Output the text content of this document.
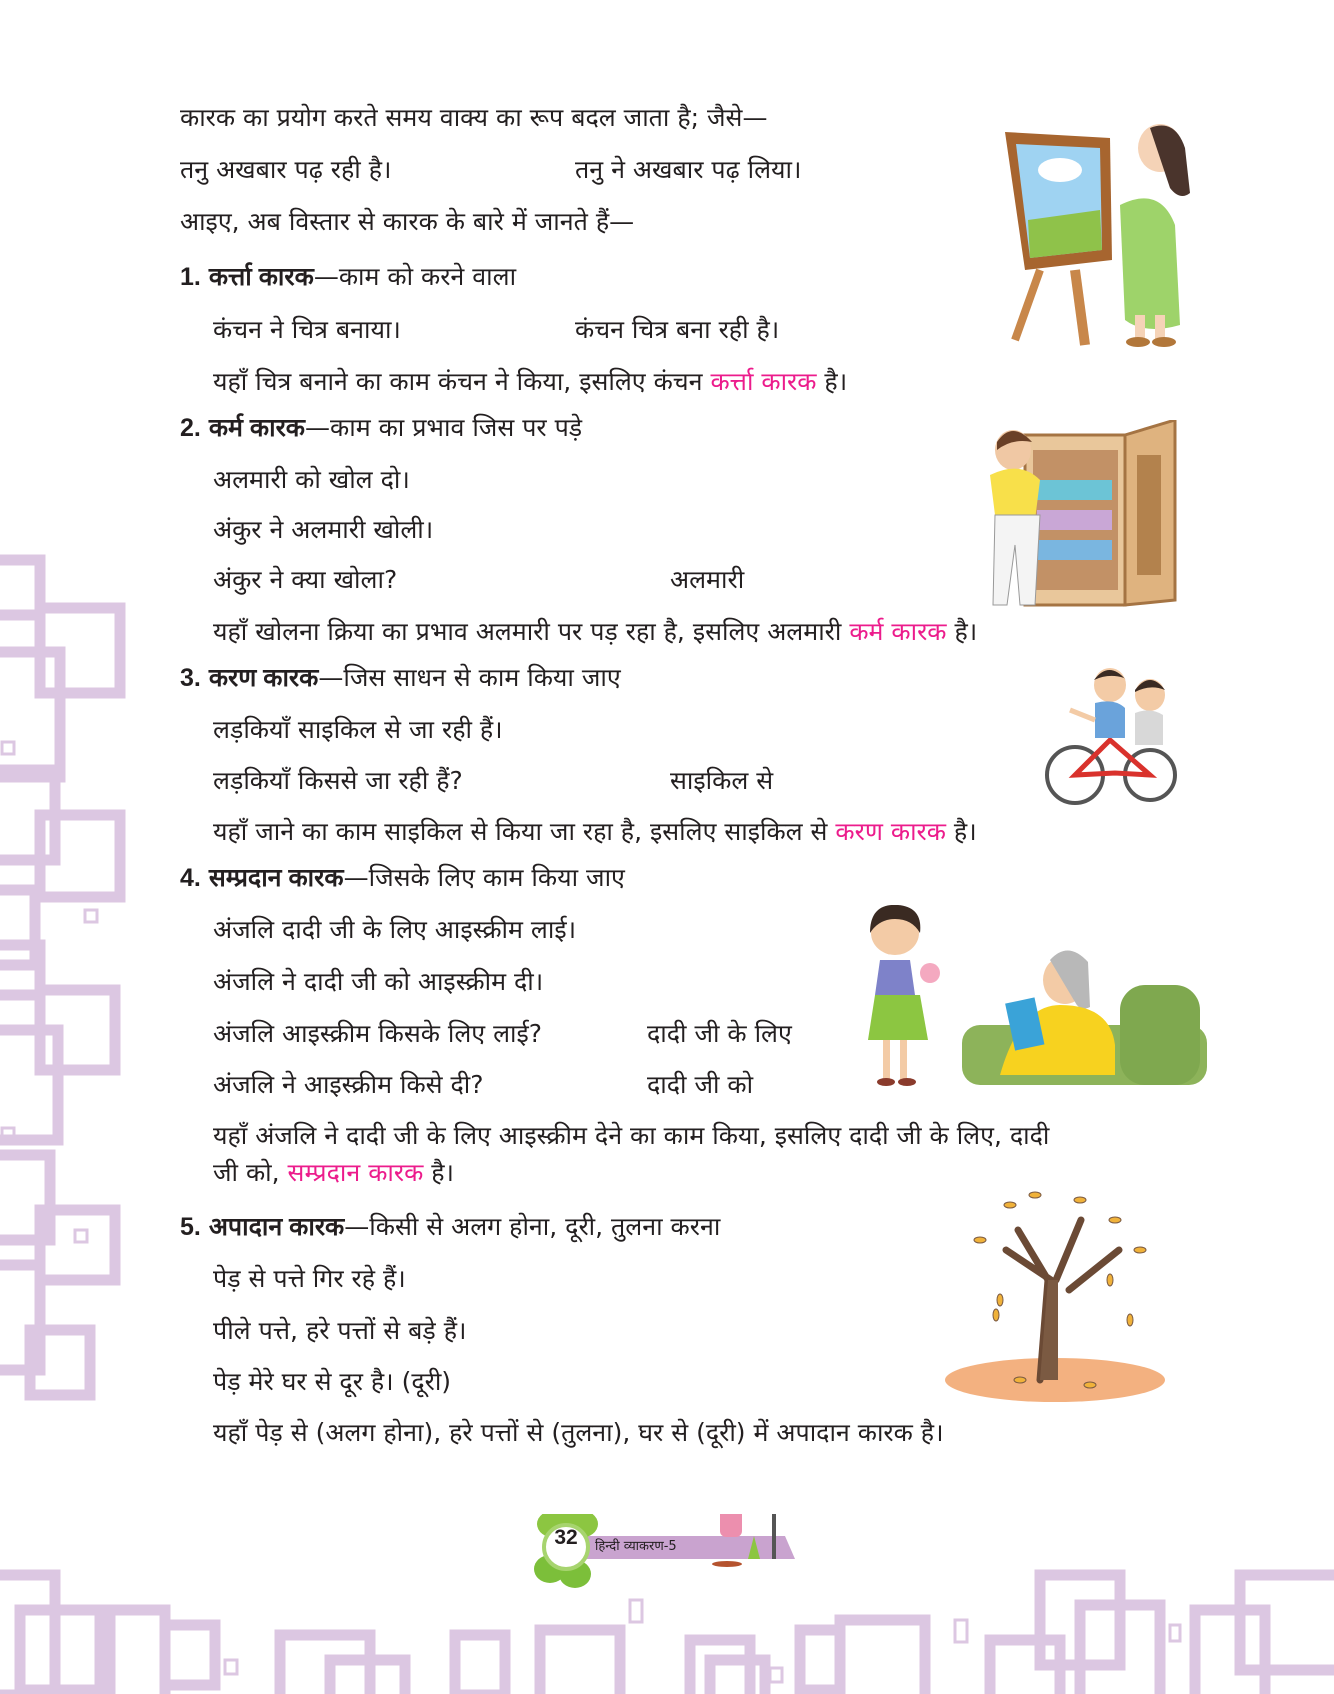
कारक का प्रयोग करते समय वाक्य का रूप बदल जाता है; जैसे—
तनु अखबार पढ़ रही है।	तनु ने अखबार पढ़ लिया।
आइए, अब विस्तार से कारक के बारे में जानते हैं—
1. कर्त्ता कारक—काम को करने वाला
कंचन ने चित्र बनाया।	कंचन चित्र बना रही है।
यहाँ चित्र बनाने का काम कंचन ने किया, इसलिए कंचन कर्त्ता कारक है।
2. कर्म कारक—काम का प्रभाव जिस पर पड़े
अलमारी को खोल दो।
अंकुर ने अलमारी खोली।
अंकुर ने क्या खोला?	अलमारी
यहाँ खोलना क्रिया का प्रभाव अलमारी पर पड़ रहा है, इसलिए अलमारी कर्म कारक है।
3. करण कारक—जिस साधन से काम किया जाए
लड़कियाँ साइकिल से जा रही हैं।
लड़कियाँ किससे जा रही हैं?	साइकिल से
यहाँ जाने का काम साइकिल से किया जा रहा है, इसलिए साइकिल से करण कारक है।
4. सम्प्रदान कारक—जिसके लिए काम किया जाए
अंजलि दादी जी के लिए आइस्क्रीम लाई।
अंजलि ने दादी जी को आइस्क्रीम दी।
अंजलि आइस्क्रीम किसके लिए लाई?	दादी जी के लिए
अंजलि ने आइस्क्रीम किसे दी?	दादी जी को
यहाँ अंजलि ने दादी जी के लिए आइस्क्रीम देने का काम किया, इसलिए दादी जी के लिए, दादी
जी को, सम्प्रदान कारक है।
5. अपादान कारक—किसी से अलग होना, दूरी, तुलना करना
पेड़ से पत्ते गिर रहे हैं।
पीले पत्ते, हरे पत्तों से बड़े हैं।
पेड़ मेरे घर से दूर है। (दूरी)
यहाँ पेड़ से (अलग होना), हरे पत्तों से (तुलना), घर से (दूरी) में अपादान कारक है।
32	हिन्दी व्याकरण-5
